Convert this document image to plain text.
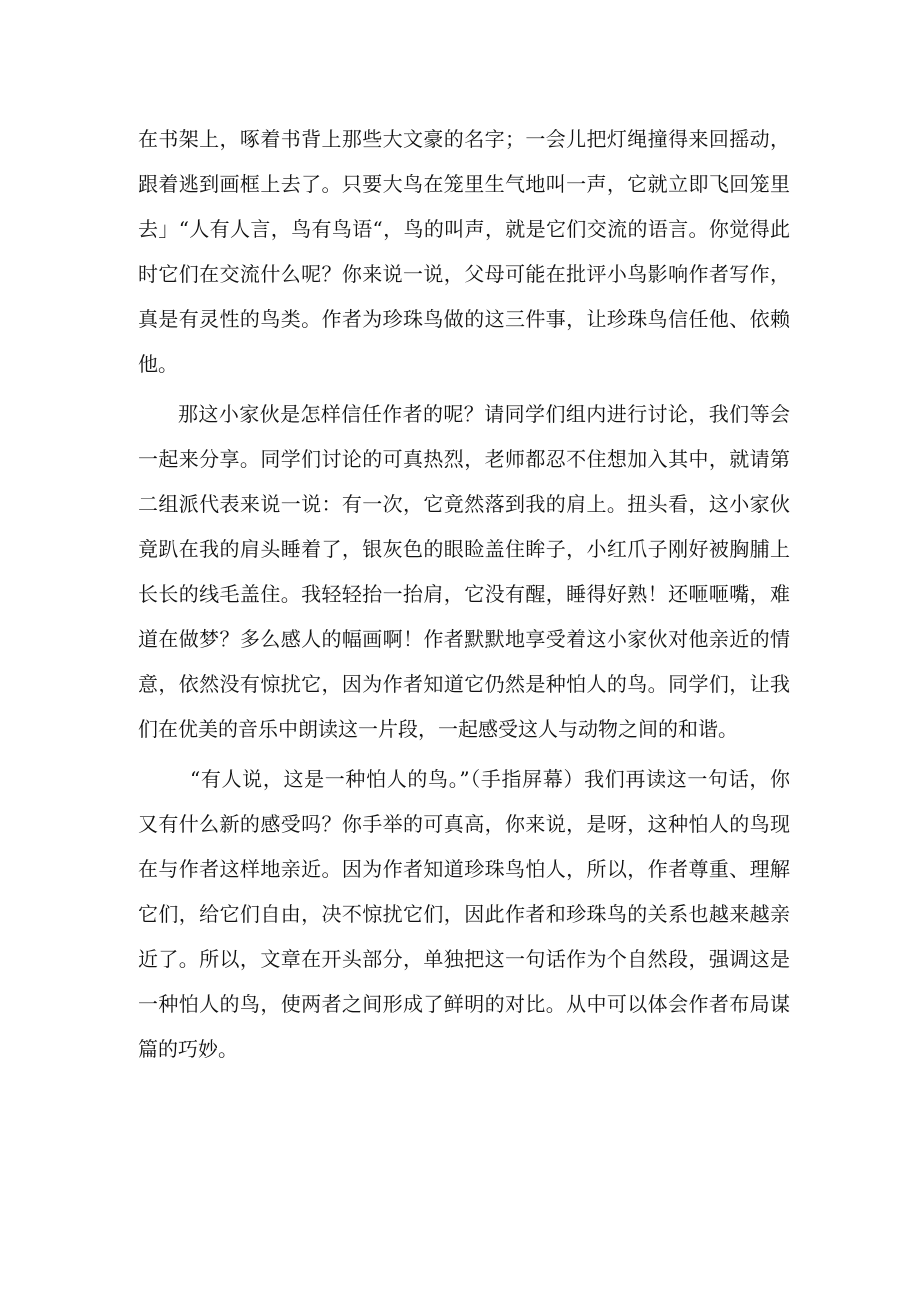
在书架上，啄着书背上那些大文豪的名字；一会儿把灯绳撞得来回摇动，跟着逃到画框上去了。只要大鸟在笼里生气地叫一声，它就立即飞回笼里去」“人有人言，鸟有鸟语“，鸟的叫声，就是它们交流的语言。你觉得此时它们在交流什么呢？你来说一说，父母可能在批评小鸟影响作者写作，真是有灵性的鸟类。作者为珍珠鸟做的这三件事，让珍珠鸟信任他、依赖他。

那这小家伙是怎样信任作者的呢？请同学们组内进行讨论，我们等会一起来分享。同学们讨论的可真热烈，老师都忍不住想加入其中，就请第二组派代表来说一说：有一次，它竟然落到我的肩上。扭头看，这小家伙竟趴在我的肩头睡着了，银灰色的眼睑盖住眸子，小红爪子刚好被胸脯上长长的线毛盖住。我轻轻抬一抬肩，它没有醒，睡得好熟！还咂咂嘴，难道在做梦？多么感人的幅画啊！作者默默地享受着这小家伙对他亲近的情意，依然没有惊扰它，因为作者知道它仍然是种怕人的鸟。同学们，让我们在优美的音乐中朗读这一片段，一起感受这人与动物之间的和谐。

“有人说，这是一种怕人的鸟。”（手指屏幕）我们再读这一句话，你又有什么新的感受吗？你手举的可真高，你来说，是呀，这种怕人的鸟现在与作者这样地亲近。因为作者知道珍珠鸟怕人，所以，作者尊重、理解它们，给它们自由，决不惊扰它们，因此作者和珍珠鸟的关系也越来越亲近了。所以，文章在开头部分，单独把这一句话作为个自然段，强调这是一种怕人的鸟，使两者之间形成了鲜明的对比。从中可以体会作者布局谋篇的巧妙。
